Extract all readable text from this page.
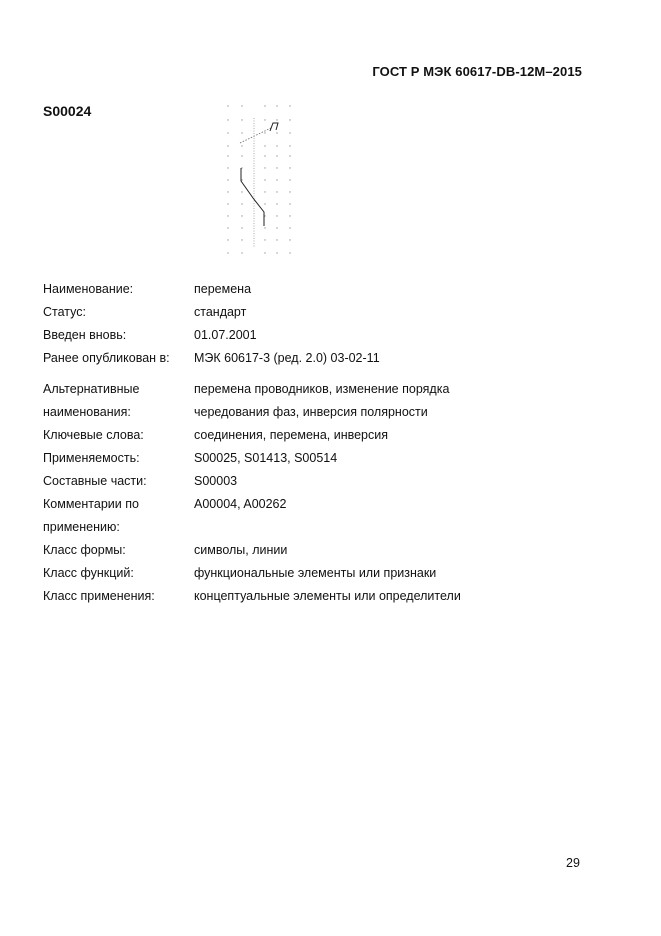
ГОСТ Р МЭК 60617-DB-12M–2015
S00024
Наименование:	перемена
Статус:	стандарт
Введен вновь:	01.07.2001
Ранее опубликован в:	МЭК 60617-3 (ред. 2.0) 03-02-11
Альтернативные	перемена проводников, изменение порядка
наименования:	чередования фаз, инверсия полярности
Ключевые слова:	соединения, перемена, инверсия
Применяемость:	S00025, S01413, S00514
Составные части:	S00003
Комментарии по	A00004, A00262
применению:
Класс формы:	символы, линии
Класс функций:	функциональные элементы или признаки
Класс применения:	концептуальные элементы или определители
29
